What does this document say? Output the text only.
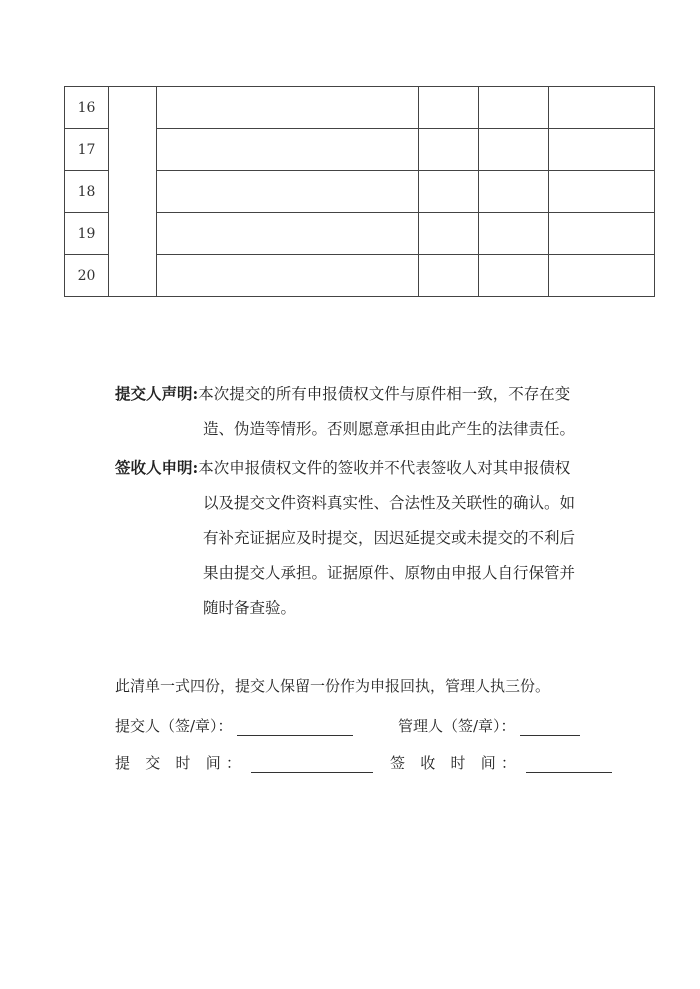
16					
17					
18					
19					
20					
提交人声明:本次提交的所有申报债权文件与原件相一致，不存在变
造、伪造等情形。否则愿意承担由此产生的法律责任。
签收人申明:本次申报债权文件的签收并不代表签收人对其申报债权
以及提交文件资料真实性、合法性及关联性的确认。如
有补充证据应及时提交，因迟延提交或未提交的不利后
果由提交人承担。证据原件、原物由申报人自行保管并
随时备查验。
此清单一式四份，提交人保留一份作为申报回执，管理人执三份。
提交人（签/章）：	管理人（签/章）：
提 交 时 间：	签 收 时 间：
